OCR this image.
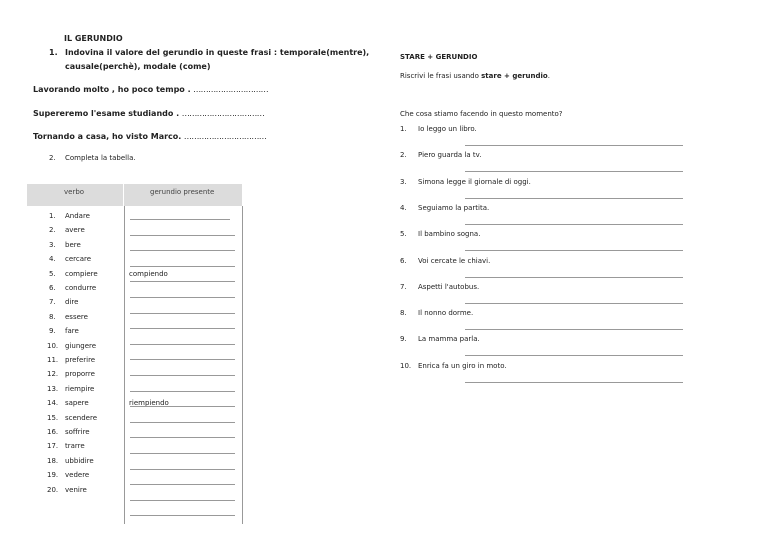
IL GERUNDIO
1. Indovina il valore del gerundio in queste frasi : temporale(mentre),
causale(perchè), modale (come)
Lavorando molto , ho poco tempo . …………………………
Supereremo l'esame studiando . ……………………………
Tornando a casa, ho visto Marco. ……………………………
2. Completa la tabella.
verbo	gerundio presente
1. Andare
2. avere
3. bere
4. cercare
5. compiere	compiendo
6. condurre
7. dire
8. essere
9. fare
10. giungere
11. preferire
12. proporre
13. riempire
14. sapere	riempiendo
15. scendere
16. soffrire
17. trarre
18. ubbidire
19. vedere
20. venire
STARE + GERUNDIO
Riscrivi le frasi usando stare + gerundio.
Che cosa stiamo facendo in questo momento?
1. Io leggo un libro.
2. Piero guarda la tv.
3. Simona legge il giornale di oggi.
4. Seguiamo la partita.
5. Il bambino sogna.
6. Voi cercate le chiavi.
7. Aspetti l'autobus.
8. Il nonno dorme.
9. La mamma parla.
10. Enrica fa un giro in moto.
